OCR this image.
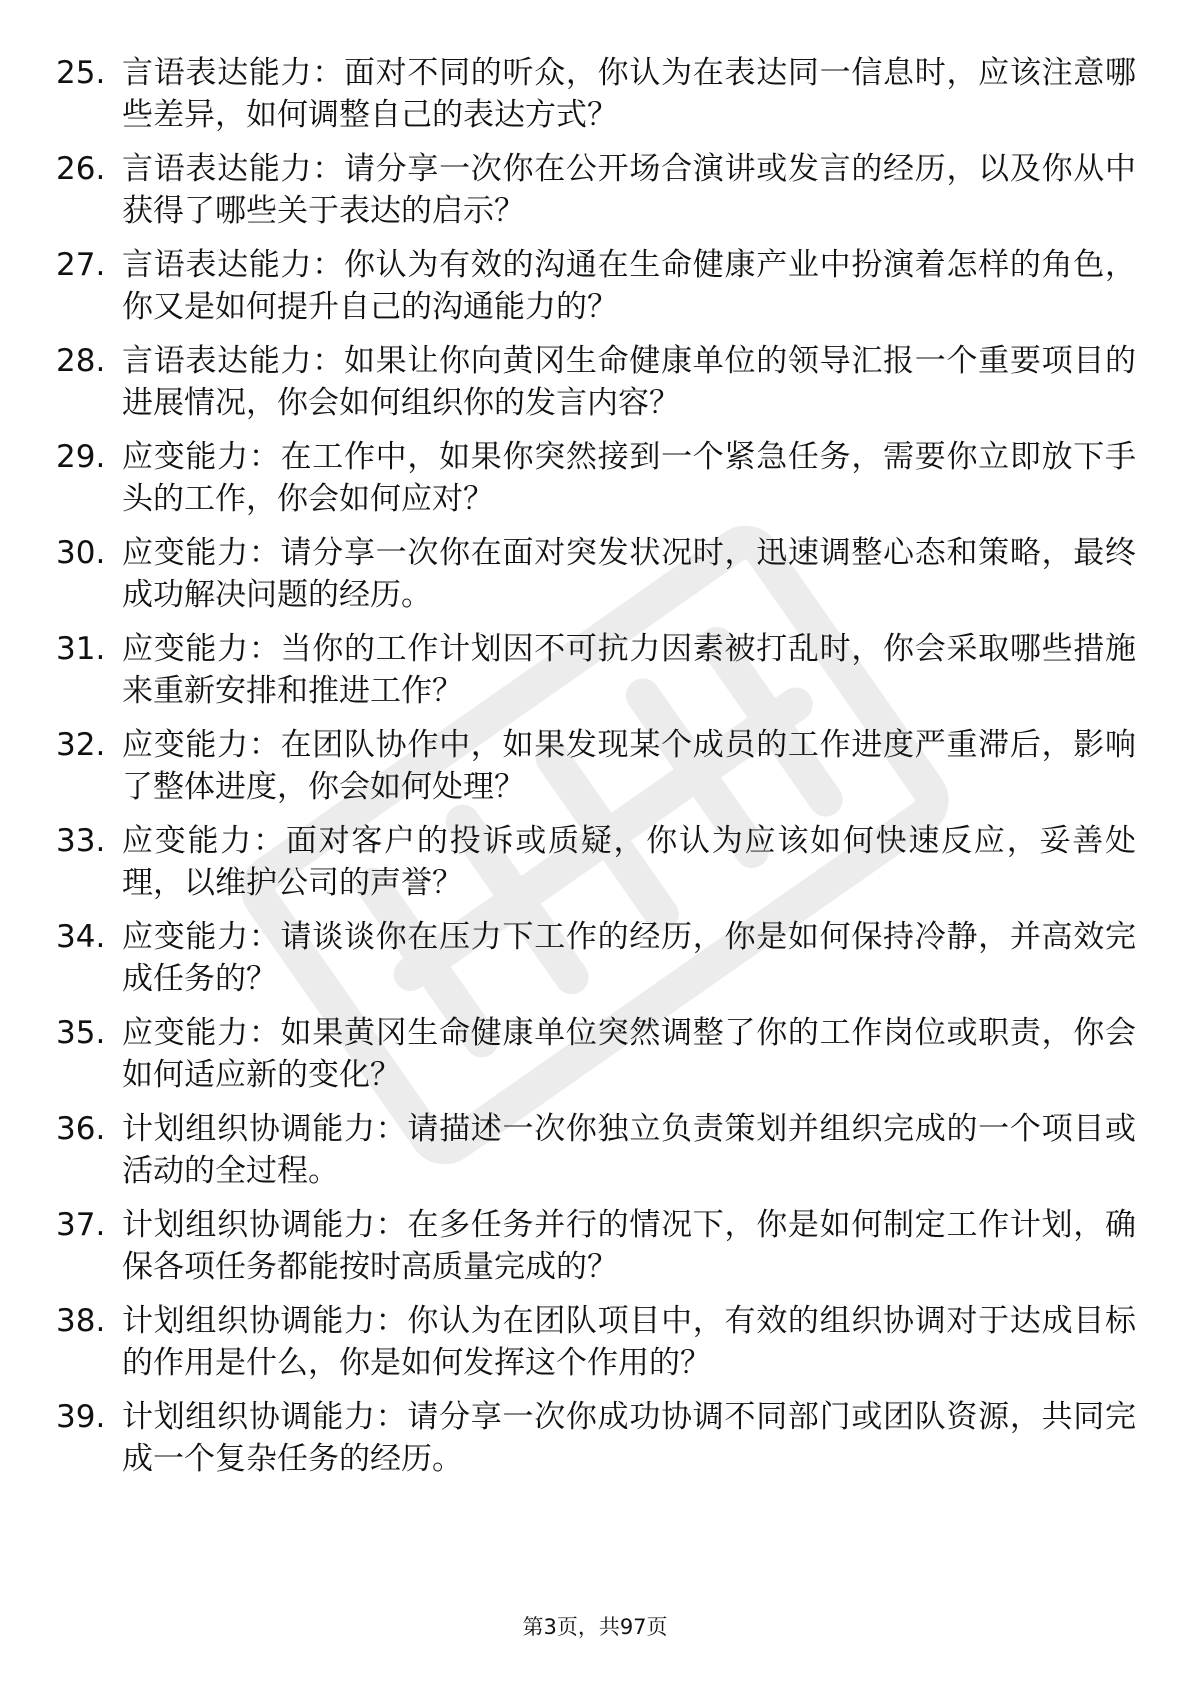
25. 言语表达能力：面对不同的听众，你认为在表达同一信息时，应该注意哪些差异，如何调整自己的表达方式？
26. 言语表达能力：请分享一次你在公开场合演讲或发言的经历，以及你从中获得了哪些关于表达的启示？
27. 言语表达能力：你认为有效的沟通在生命健康产业中扮演着怎样的角色，你又是如何提升自己的沟通能力的？
28. 言语表达能力：如果让你向黄冈生命健康单位的领导汇报一个重要项目的进展情况，你会如何组织你的发言内容？
29. 应变能力：在工作中，如果你突然接到一个紧急任务，需要你立即放下手头的工作，你会如何应对？
30. 应变能力：请分享一次你在面对突发状况时，迅速调整心态和策略，最终成功解决问题的经历。
31. 应变能力：当你的工作计划因不可抗力因素被打乱时，你会采取哪些措施来重新安排和推进工作？
32. 应变能力：在团队协作中，如果发现某个成员的工作进度严重滞后，影响了整体进度，你会如何处理？
33. 应变能力：面对客户的投诉或质疑，你认为应该如何快速反应，妥善处理，以维护公司的声誉？
34. 应变能力：请谈谈你在压力下工作的经历，你是如何保持冷静，并高效完成任务的？
35. 应变能力：如果黄冈生命健康单位突然调整了你的工作岗位或职责，你会如何适应新的变化？
36. 计划组织协调能力：请描述一次你独立负责策划并组织完成的一个项目或活动的全过程。
37. 计划组织协调能力：在多任务并行的情况下，你是如何制定工作计划，确保各项任务都能按时高质量完成的？
38. 计划组织协调能力：你认为在团队项目中，有效的组织协调对于达成目标的作用是什么，你是如何发挥这个作用的？
39. 计划组织协调能力：请分享一次你成功协调不同部门或团队资源，共同完成一个复杂任务的经历。
第3页，共97页
